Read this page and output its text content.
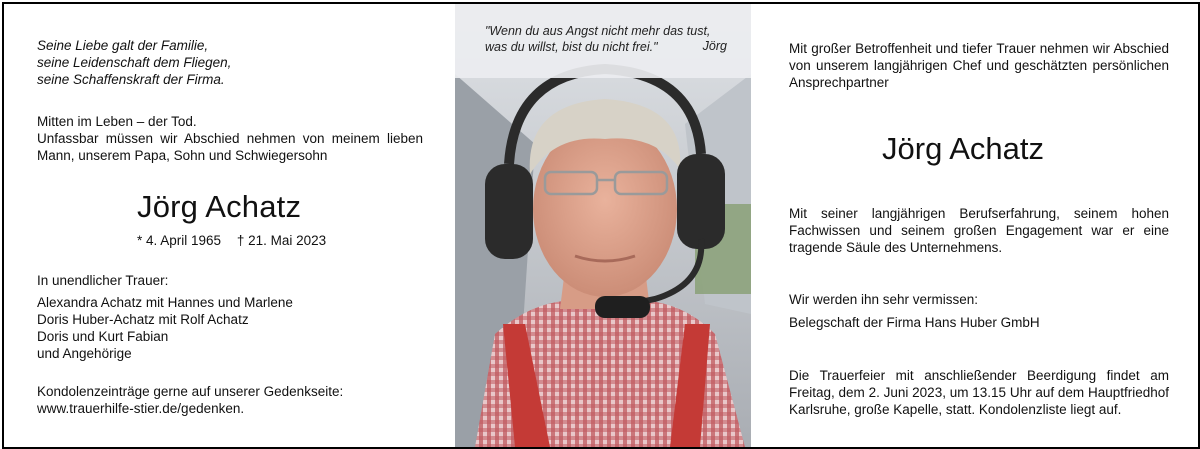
Seine Liebe galt der Familie,
seine Leidenschaft dem Fliegen,
seine Schaffenskraft der Firma.

Mitten im Leben – der Tod.

Unfassbar müssen wir Abschied nehmen von meinem lieben Mann, unserem Papa, Sohn und Schwiegersohn

Jörg Achatz
* 4. April 1965 † 21. Mai 2023
In unendlicher Trauer:
Alexandra Achatz mit Hannes und Marlene
Doris Huber-Achatz mit Rolf Achatz
Doris und Kurt Fabian
und Angehörige
Kondolenzeinträge gerne auf unserer Gedenkseite:
www.trauerhilfe-stier.de/gedenken.
"Wenn du aus Angst nicht mehr das tust,
was du willst, bist du nicht frei."	Jörg	Mit großer Betroffenheit und tiefer Trauer nehmen wir Abschied von unserem langjährigen Chef und geschätzten persönlichen Ansprechpartner
Jörg Achatz
Mit seiner langjährigen Berufserfahrung, seinem hohen Fachwissen und seinem großen Engagement war er eine tragende Säule des Unternehmens.
Wir werden ihn sehr vermissen:
Belegschaft der Firma Hans Huber GmbH
Die Trauerfeier mit anschließender Beerdigung findet am Freitag, dem 2. Juni 2023, um 13.15 Uhr auf dem Hauptfriedhof Karlsruhe, große Kapelle, statt. Kondolenzliste liegt auf.
